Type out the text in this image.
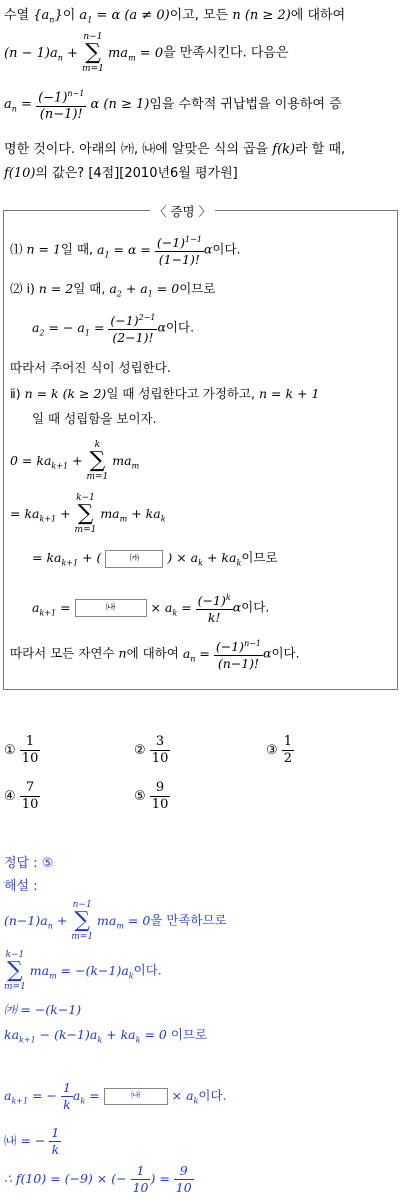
수열 $\{a_n\}$이 $a_1 = \alpha$ (a ≠ 0)이고, 모든 n (n ≥ 2)에 대하여
$(n - 1)a_n + n-1$
∑
m=1 $ma_m = 0$을 만족시킨다. 다음은
$a_n = \frac{(-1)^{n-1}}{(n-1)!}$ α (n ≥ 1)임을 수학적 귀납법을 이용하여 증
명한 것이다. 아래의 ㈎, ㈏에 알맞은 식의 곱을 f(k)라 할 때,
f(10)의 값은? [4점][2010년6월 평가원]
〈 증명 〉
⑴ n = 1일 때, $a_1 = \alpha = \frac{(-1)^{1-1}}{(1-1)!}$ α이다.
⑵ ⅰ) n = 2일 때, $a_2 + a_1 = 0$이므로
$a_2$ = − $a_1 = \frac{(-1)^{2-1}}{(2-1)!}$ α이다.
따라서 주어진 식이 성립한다.
ⅱ) n = k (k ≥ 2)일 때 성립한다고 가정하고, n = k + 1
일 때 성립함을 보이자.
$0 = ka_{k+1} + k$
∑
m=1 $ma_m$
= $ka_{k+1} + k-1$
∑
m=1 $ma_m + ka_k$
= $ka_{k+1}$ + (	㈎ ) × $a_k + ka_k$이므로
$a_{k+1}$ =	㈏	× $a_k = \frac{(-1)^k}{k!}$ α이다.
따라서 모든 자연수 n에 대하여 $a_n = \frac{(-1)^{n-1}}{(n-1)!}$ α이다.
① $\frac{1}{10}$	② $\frac{3}{10}$	③ $\frac{1}{2}$
④ $\frac{7}{10}$	⑤ $\frac{9}{10}$
정답 : ⑤
해설 :
$(n-1)a_n + n-1$
∑
m=1 $ma_m = 0$을 만족하므로
k−1
∑
m=1 $ma_m = -(k-1)a_k$이다.
㈎ = −(k−1)
$ka_{k+1} - (k-1)a_k + ka_k = 0$ 이므로
$a_{k+1}$ = − $\frac{1}{k} a_k$ =	㈏ × $a_k$이다.
㈏ = − $\frac{1}{k}$
∴ f(10) = (−9) × (− $\frac{1}{10}$ ) = $\frac{9}{10}$
